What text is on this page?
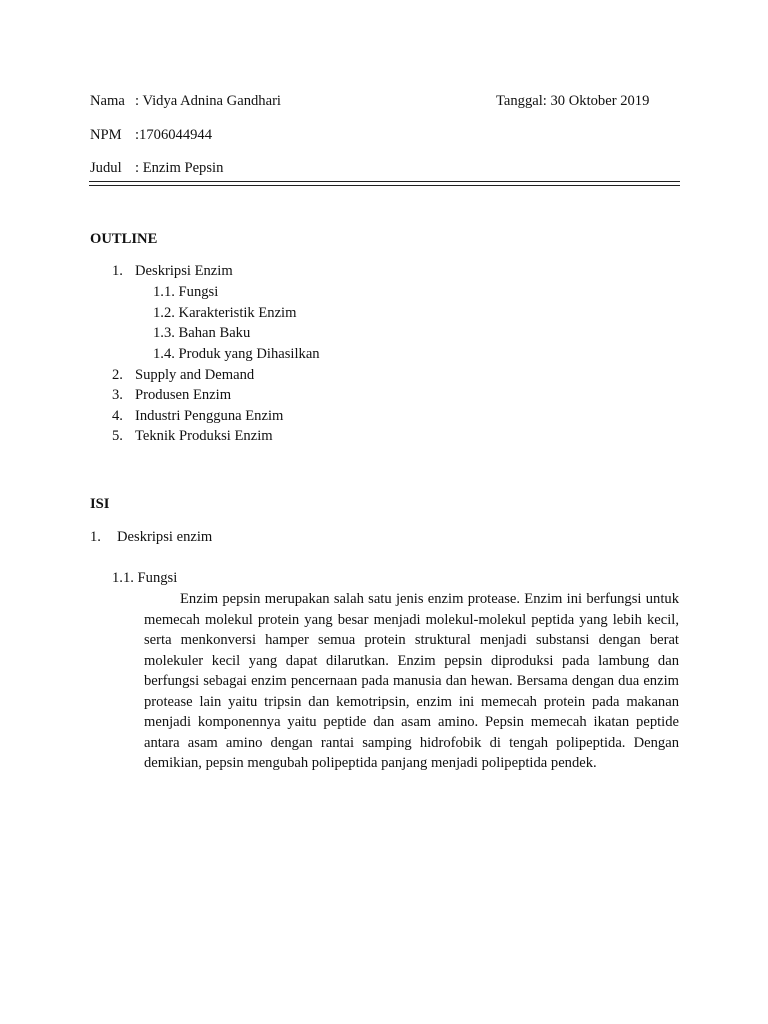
Nama : Vidya Adnina Gandhari	Tanggal: 30 Oktober 2019
NPM :1706044944
Judul : Enzim Pepsin
OUTLINE
1. Deskripsi Enzim
1.1. Fungsi
1.2. Karakteristik Enzim
1.3. Bahan Baku
1.4. Produk yang Dihasilkan
2. Supply and Demand
3. Produsen Enzim
4. Industri Pengguna Enzim
5. Teknik Produksi Enzim
ISI
1. Deskripsi enzim
1.1. Fungsi

Enzim pepsin merupakan salah satu jenis enzim protease. Enzim ini berfungsi untuk memecah molekul protein yang besar menjadi molekul-molekul peptida yang lebih kecil, serta menkonversi hamper semua protein struktural menjadi substansi dengan berat molekuler kecil yang dapat dilarutkan. Enzim pepsin diproduksi pada lambung dan berfungsi sebagai enzim pencernaan pada manusia dan hewan. Bersama dengan dua enzim protease lain yaitu tripsin dan kemotripsin, enzim ini memecah protein pada makanan menjadi komponennya yaitu peptide dan asam amino. Pepsin memecah ikatan peptide antara asam amino dengan rantai samping hidrofobik di tengah polipeptida. Dengan demikian, pepsin mengubah polipeptida panjang menjadi polipeptida pendek.
